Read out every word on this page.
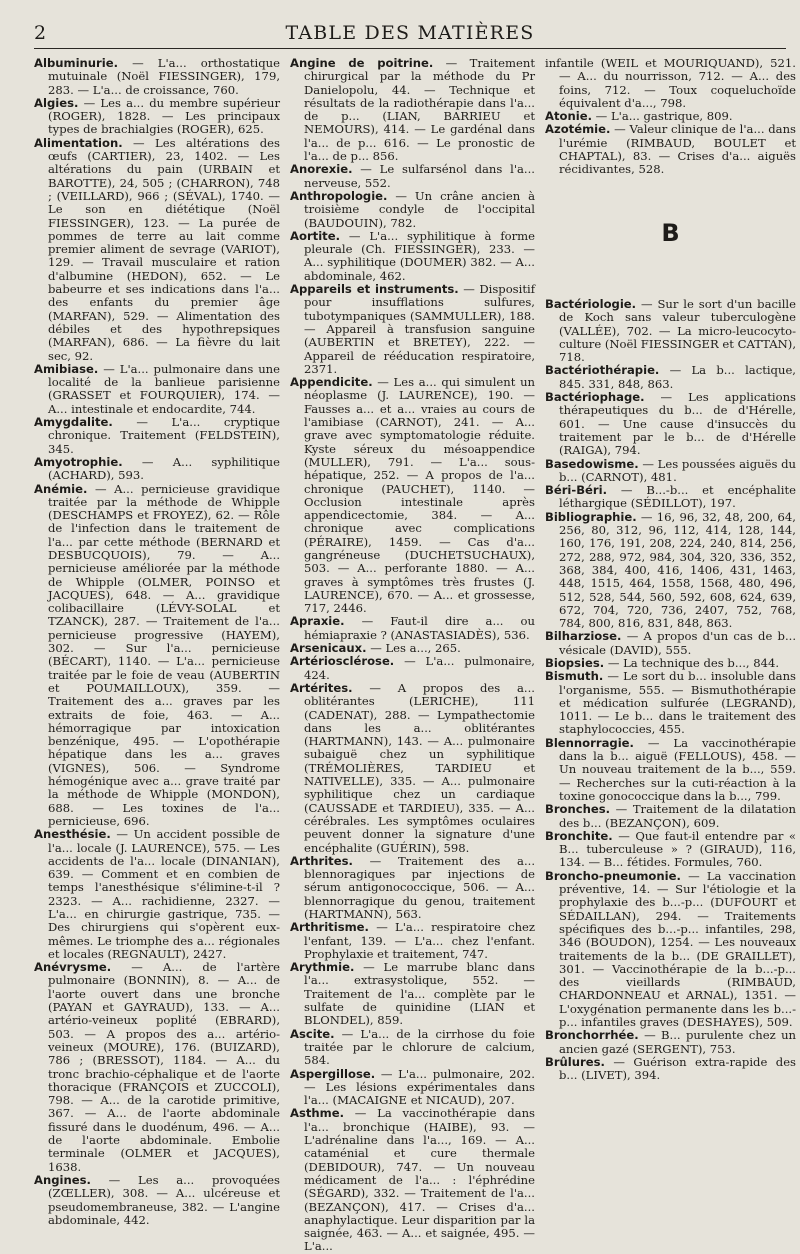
2	TABLE DES MATIÈRES

Albuminurie. — L'a... orthostatique mutuinale (Noël FIESSINGER), 179, 283. — L'a... de croissance, 760.

Algies. — Les a... du membre supérieur (ROGER), 1828. — Les principaux types de brachialgies (ROGER), 625.

Alimentation. — Les altérations des œufs (CARTIER), 23, 1402. — Les altérations du pain (URBAIN et BAROTTE), 24, 505 ; (CHARRON), 748 ; (VEILLARD), 966 ; (SÉVAL), 1740. — Le son en diététique (Noël FIESSINGER), 123. — La purée de pommes de terre au lait comme premier aliment de sevrage (VARIOT), 129. — Travail musculaire et ration d'albumine (HEDON), 652. — Le babeurre et ses indications dans l'a... des enfants du premier âge (MARFAN), 529. — Alimentation des débiles et des hypothrepsiques (MARFAN), 686. — La fièvre du lait sec, 92.

Amibiase. — L'a... pulmonaire dans une localité de la banlieue parisienne (GRASSET et FOURQUIER), 174. — A... intestinale et endocardite, 744.

Amygdalite. — L'a... cryptique chronique. Traitement (FELDSTEIN), 345.

Amyotrophie. — A... syphilitique (ACHARD), 593.

Anémie. — A... pernicieuse gravidique traitée par la méthode de Whipple (DESCHAMPS et FROYEZ), 62. — Rôle de l'infection dans le traitement de l'a... par cette méthode (BERNARD et DESBUCQUOIS), 79. — A... pernicieuse améliorée par la méthode de Whipple (OLMER, POINSO et JACQUES), 648. — A... gravidique colibacillaire (LÉVY-SOLAL et TZANCK), 287. — Traitement de l'a... pernicieuse progressive (HAYEM), 302. — Sur l'a... pernicieuse (BÉCART), 1140. — L'a... pernicieuse traitée par le foie de veau (AUBERTIN et POUMAILLOUX), 359. — Traitement des a... graves par les extraits de foie, 463. — A... hémorragique par intoxication benzénique, 495. — L'opothérapie hépatique dans les a... graves (VIGNES), 506. — Syndrome hémogénique avec a... grave traité par la méthode de Whipple (MONDON), 688. — Les toxines de l'a... pernicieuse, 696.

Anesthésie. — Un accident possible de l'a... locale (J. LAURENCE), 575. — Les accidents de l'a... locale (DINANIAN), 639. — Comment et en combien de temps l'anesthésique s'élimine-t-il ? 2323. — A... rachidienne, 2327. — L'a... en chirurgie gastrique, 735. — Des chirurgiens qui s'opèrent eux-mêmes. Le triomphe des a... régionales et locales (REGNAULT), 2427.

Anévrysme. — A... de l'artère pulmonaire (BONNIN), 8. — A... de l'aorte ouvert dans une bronche (PAYAN et GAYRAUD), 133. — A... artério-veineux poplité (EBRARD), 503. — A propos des a... artério-veineux (MOURE), 176. (BUIZARD), 786 ; (BRESSOT), 1184. — A... du tronc brachio-céphalique et de l'aorte thoracique (FRANÇOIS et ZUCCOLI), 798. — A... de la carotide primitive, 367. — A... de l'aorte abdominale fissuré dans le duodénum, 496. — A... de l'aorte abdominale. Embolie terminale (OLMER et JACQUES), 1638.

Angines. — Les a... provoquées (ZŒLLER), 308. — A... ulcéreuse et pseudomembraneuse, 382. — L'angine abdominale, 442.

Angine de poitrine. — Traitement chirurgical par la méthode du Pr Danielopolu, 44. — Technique et résultats de la radiothérapie dans l'a... de p... (LIAN, BARRIEU et NEMOURS), 414. — Le gardénal dans l'a... de p... 616. — Le pronostic de l'a... de p... 856.

Anorexie. — Le sulfarsénol dans l'a... nerveuse, 552.

Anthropologie. — Un crâne ancien à troisième condyle de l'occipital (BAUDOUIN), 782.

Aortite. — L'a... syphilitique à forme pleurale (Ch. FIESSINGER), 233. — A... syphilitique (DOUMER) 382. — A... abdominale, 462.

Appareils et instruments. — Dispositif pour insufflations sulfures, tubotympaniques (SAMMULLER), 188. — Appareil à transfusion sanguine (AUBERTIN et BRETEY), 222. — Appareil de rééducation respiratoire, 2371.

Appendicite. — Les a... qui simulent un néoplasme (J. LAURENCE), 190. — Fausses a... et a... vraies au cours de l'amibiase (CARNOT), 241. — A... grave avec symptomatologie réduite. Kyste séreux du mésoappendice (MULLER), 791. — L'a... sous-hépatique, 252. — A propos de l'a... chronique (PAUCHET), 1140. — Occlusion intestinale après appendicectomie, 384. — A... chronique avec complications (PÉRAIRE), 1459. — Cas d'a... gangréneuse (DUCHETSUCHAUX), 503. — A... perforante 1880. — A... graves à symptômes très frustes (J. LAURENCE), 670. — A... et grossesse, 717, 2446.

Apraxie. — Faut-il dire a... ou hémiapraxie ? (ANASTASIADÈS), 536.

Arsenicaux. — Les a..., 265.

Artériosclérose. — L'a... pulmonaire, 424.

Artérites. — A propos des a... oblitérantes (LERICHE), 111 (CADENAT), 288. — Lympathectomie dans les a... oblitérantes (HARTMANN), 143. — A... pulmonaire subaiguë chez un syphilitique (TRÉMOLIÈRES, TARDIEU et NATIVELLE), 335. — A... pulmonaire syphilitique chez un cardiaque (CAUSSADE et TARDIEU), 335. — A... cérébrales. Les symptômes oculaires peuvent donner la signature d'une encéphalite (GUÉRIN), 598.

Arthrites. — Traitement des a... blennoragiques par injections de sérum antigonococcique, 506. — A... blennorragique du genou, traitement (HARTMANN), 563.

Arthritisme. — L'a... respiratoire chez l'enfant, 139. — L'a... chez l'enfant. Prophylaxie et traitement, 747.

Arythmie. — Le marrube blanc dans l'a... extrasystolique, 552. — Traitement de l'a... complète par le sulfate de quinidine (LIAN et BLONDEL), 859.

Ascite. — L'a... de la cirrhose du foie traitée par le chlorure de calcium, 584.

Aspergillose. — L'a... pulmonaire, 202. — Les lésions expérimentales dans l'a... (MACAIGNE et NICAUD), 207.

Asthme. — La vaccinothérapie dans l'a... bronchique (HAIBE), 93. — L'adrénaline dans l'a..., 169. — A... cataménial et cure thermale (DEBIDOUR), 747. — Un nouveau médicament de l'a... : l'éphrédine (SÉGARD), 332. — Traitement de l'a... (BEZANÇON), 417. — Crises d'a... anaphylactique. Leur disparition par la saignée, 463. — A... et saignée, 495. — L'a...

infantile (WEIL et MOURIQUAND), 521. — A... du nourrisson, 712. — A... des foins, 712. — Toux coqueluchoïde équivalent d'a..., 798.

Atonie. — L'a... gastrique, 809.

Azotémie. — Valeur clinique de l'a... dans l'urémie (RIMBAUD, BOULET et CHAPTAL), 83. — Crises d'a... aiguës récidivantes, 528.

B

Bactériologie. — Sur le sort d'un bacille de Koch sans valeur tuberculogène (VALLÉE), 702. — La micro-leucocyto-culture (Noël FIESSINGER et CATTAN), 718.

Bactériothérapie. — La b... lactique, 845. 331, 848, 863.

Bactériophage. — Les applications thérapeutiques du b... de d'Hérelle, 601. — Une cause d'insuccès du traitement par le b... de d'Hérelle (RAIGA), 794.

Basedowisme. — Les poussées aiguës du b... (CARNOT), 481.

Béri-Béri. — B...-b... et encéphalite léthargique (SÉDILLOT), 197.

Bibliographie. — 16, 96, 32, 48, 200, 64, 256, 80, 312, 96, 112, 414, 128, 144, 160, 176, 191, 208, 224, 240, 814, 256, 272, 288, 972, 984, 304, 320, 336, 352, 368, 384, 400, 416, 1406, 431, 1463, 448, 1515, 464, 1558, 1568, 480, 496, 512, 528, 544, 560, 592, 608, 624, 639, 672, 704, 720, 736, 2407, 752, 768, 784, 800, 816, 831, 848, 863.

Bilharziose. — A propos d'un cas de b... vésicale (DAVID), 555.

Biopsies. — La technique des b..., 844.

Bismuth. — Le sort du b... insoluble dans l'organisme, 555. — Bismuthothérapie et médication sulfurée (LEGRAND), 1011. — Le b... dans le traitement des staphylococcies, 455.

Blennorragie. — La vaccinothérapie dans la b... aiguë (FELLOUS), 458. — Un nouveau traitement de la b..., 559. — Recherches sur la cuti-réaction à la toxine gonococcique dans la b..., 799.

Bronches. — Traitement de la dilatation des b... (BEZANÇON), 609.

Bronchite. — Que faut-il entendre par « B... tuberculeuse » ? (GIRAUD), 116, 134. — B... fétides. Formules, 760.

Broncho-pneumonie. — La vaccination préventive, 14. — Sur l'étiologie et la prophylaxie des b...-p... (DUFOURT et SÉDAILLAN), 294. — Traitements spécifiques des b...-p... infantiles, 298, 346 (BOUDON), 1254. — Les nouveaux traitements de la b... (DE GRAILLET), 301. — Vaccinothérapie de la b...-p... des vieillards (RIMBAUD, CHARDONNEAU et ARNAL), 1351. — L'oxygénation permanente dans les b...-p... infantiles graves (DESHAYES), 509.

Bronchorrhée. — B... purulente chez un ancien gazé (SERGENT), 753.

Brûlures. — Guérison extra-rapide des b... (LIVET), 394.
